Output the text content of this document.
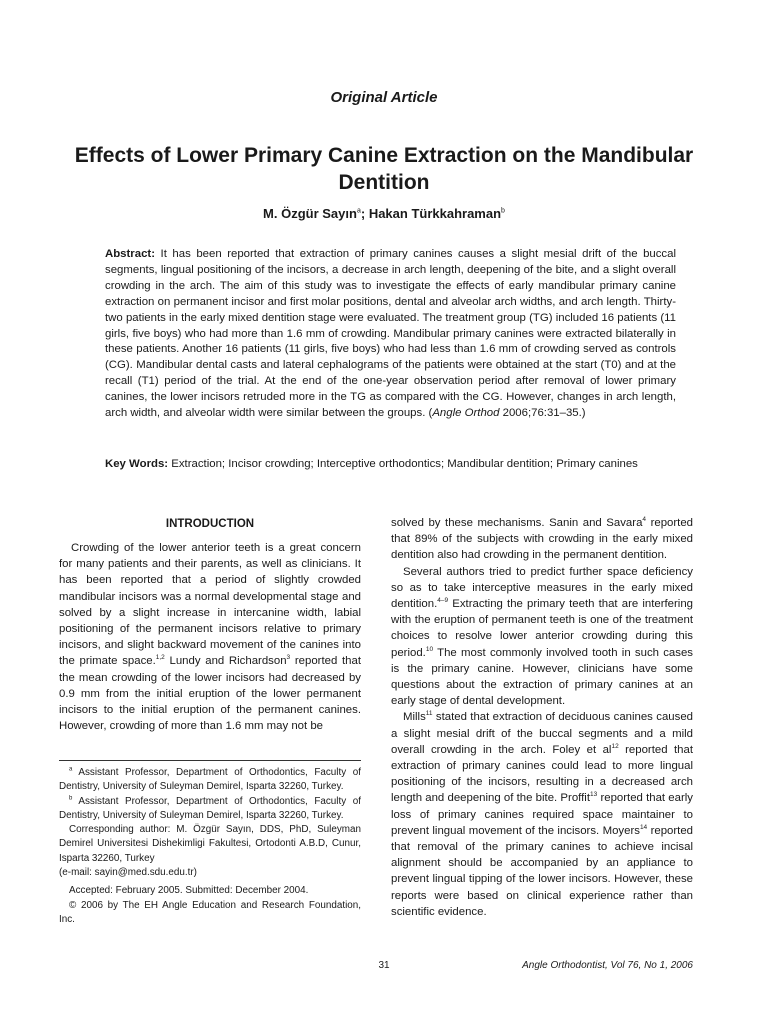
Original Article
Effects of Lower Primary Canine Extraction on the Mandibular Dentition
M. Özgür Sayın$^a$; Hakan Türkkahraman$^b$

Abstract: It has been reported that extraction of primary canines causes a slight mesial drift of the buccal segments, lingual positioning of the incisors, a decrease in arch length, deepening of the bite, and a slight overall crowding in the arch. The aim of this study was to investigate the effects of early mandibular primary canine extraction on permanent incisor and first molar positions, dental and alveolar arch widths, and arch length. Thirty-two patients in the early mixed dentition stage were evaluated. The treatment group (TG) included 16 patients (11 girls, five boys) who had more than 1.6 mm of crowding. Mandibular primary canines were extracted bilaterally in these patients. Another 16 patients (11 girls, five boys) who had less than 1.6 mm of crowding served as controls (CG). Mandibular dental casts and lateral cephalograms of the patients were obtained at the start (T0) and at the recall (T1) period of the trial. At the end of the one-year observation period after removal of lower primary canines, the lower incisors retruded more in the TG as compared with the CG. However, changes in arch length, arch width, and alveolar width were similar between the groups. (Angle Orthod 2006;76:31–35.)

Key Words: Extraction; Incisor crowding; Interceptive orthodontics; Mandibular dentition; Primary canines

INTRODUCTION

Crowding of the lower anterior teeth is a great concern for many patients and their parents, as well as clinicians. It has been reported that a period of slightly crowded mandibular incisors was a normal developmental stage and solved by a slight increase in intercanine width, labial positioning of the permanent incisors relative to primary incisors, and slight backward movement of the canines into the primate space.$^{1,2}$ Lundy and Richardson$^3$ reported that the mean crowding of the lower incisors had decreased by 0.9 mm from the initial eruption of the lower permanent incisors to the initial eruption of the permanent canines. However, crowding of more than 1.6 mm may not be

solved by these mechanisms. Sanin and Savara$^4$ reported that 89% of the subjects with crowding in the early mixed dentition also had crowding in the permanent dentition.

Several authors tried to predict further space deficiency so as to take interceptive measures in the early mixed dentition.$^{4-9}$ Extracting the primary teeth that are interfering with the eruption of permanent teeth is one of the treatment choices to resolve lower anterior crowding during this period.$^{10}$ The most commonly involved tooth in such cases is the primary canine. However, clinicians have some questions about the extraction of primary canines at an early stage of dental development.

Mills$^{11}$ stated that extraction of deciduous canines caused a slight mesial drift of the buccal segments and a mild overall crowding in the arch. Foley et al$^{12}$ reported that extraction of primary canines could lead to more lingual positioning of the incisors, resulting in a decreased arch length and deepening of the bite. Proffit$^{13}$ reported that early loss of primary canines required space maintainer to prevent lingual movement of the incisors. Moyers$^{14}$ reported that removal of the primary canines to achieve incisal alignment should be accompanied by an appliance to prevent lingual tipping of the lower incisors. However, these reports were based on clinical experience rather than scientific evidence.

$^a$ Assistant Professor, Department of Orthodontics, Faculty of Dentistry, University of Suleyman Demirel, Isparta 32260, Turkey.

$^b$ Assistant Professor, Department of Orthodontics, Faculty of Dentistry, University of Suleyman Demirel, Isparta 32260, Turkey.

Corresponding author: M. Özgür Sayın, DDS, PhD, Suleyman Demirel Universitesi Dishekimligi Fakultesi, Ortodonti A.B.D, Cunur, Isparta 32260, Turkey

(e-mail: sayin@med.sdu.edu.tr)

Accepted: February 2005. Submitted: December 2004.

© 2006 by The EH Angle Education and Research Foundation, Inc.

31	Angle Orthodontist, Vol 76, No 1, 2006
